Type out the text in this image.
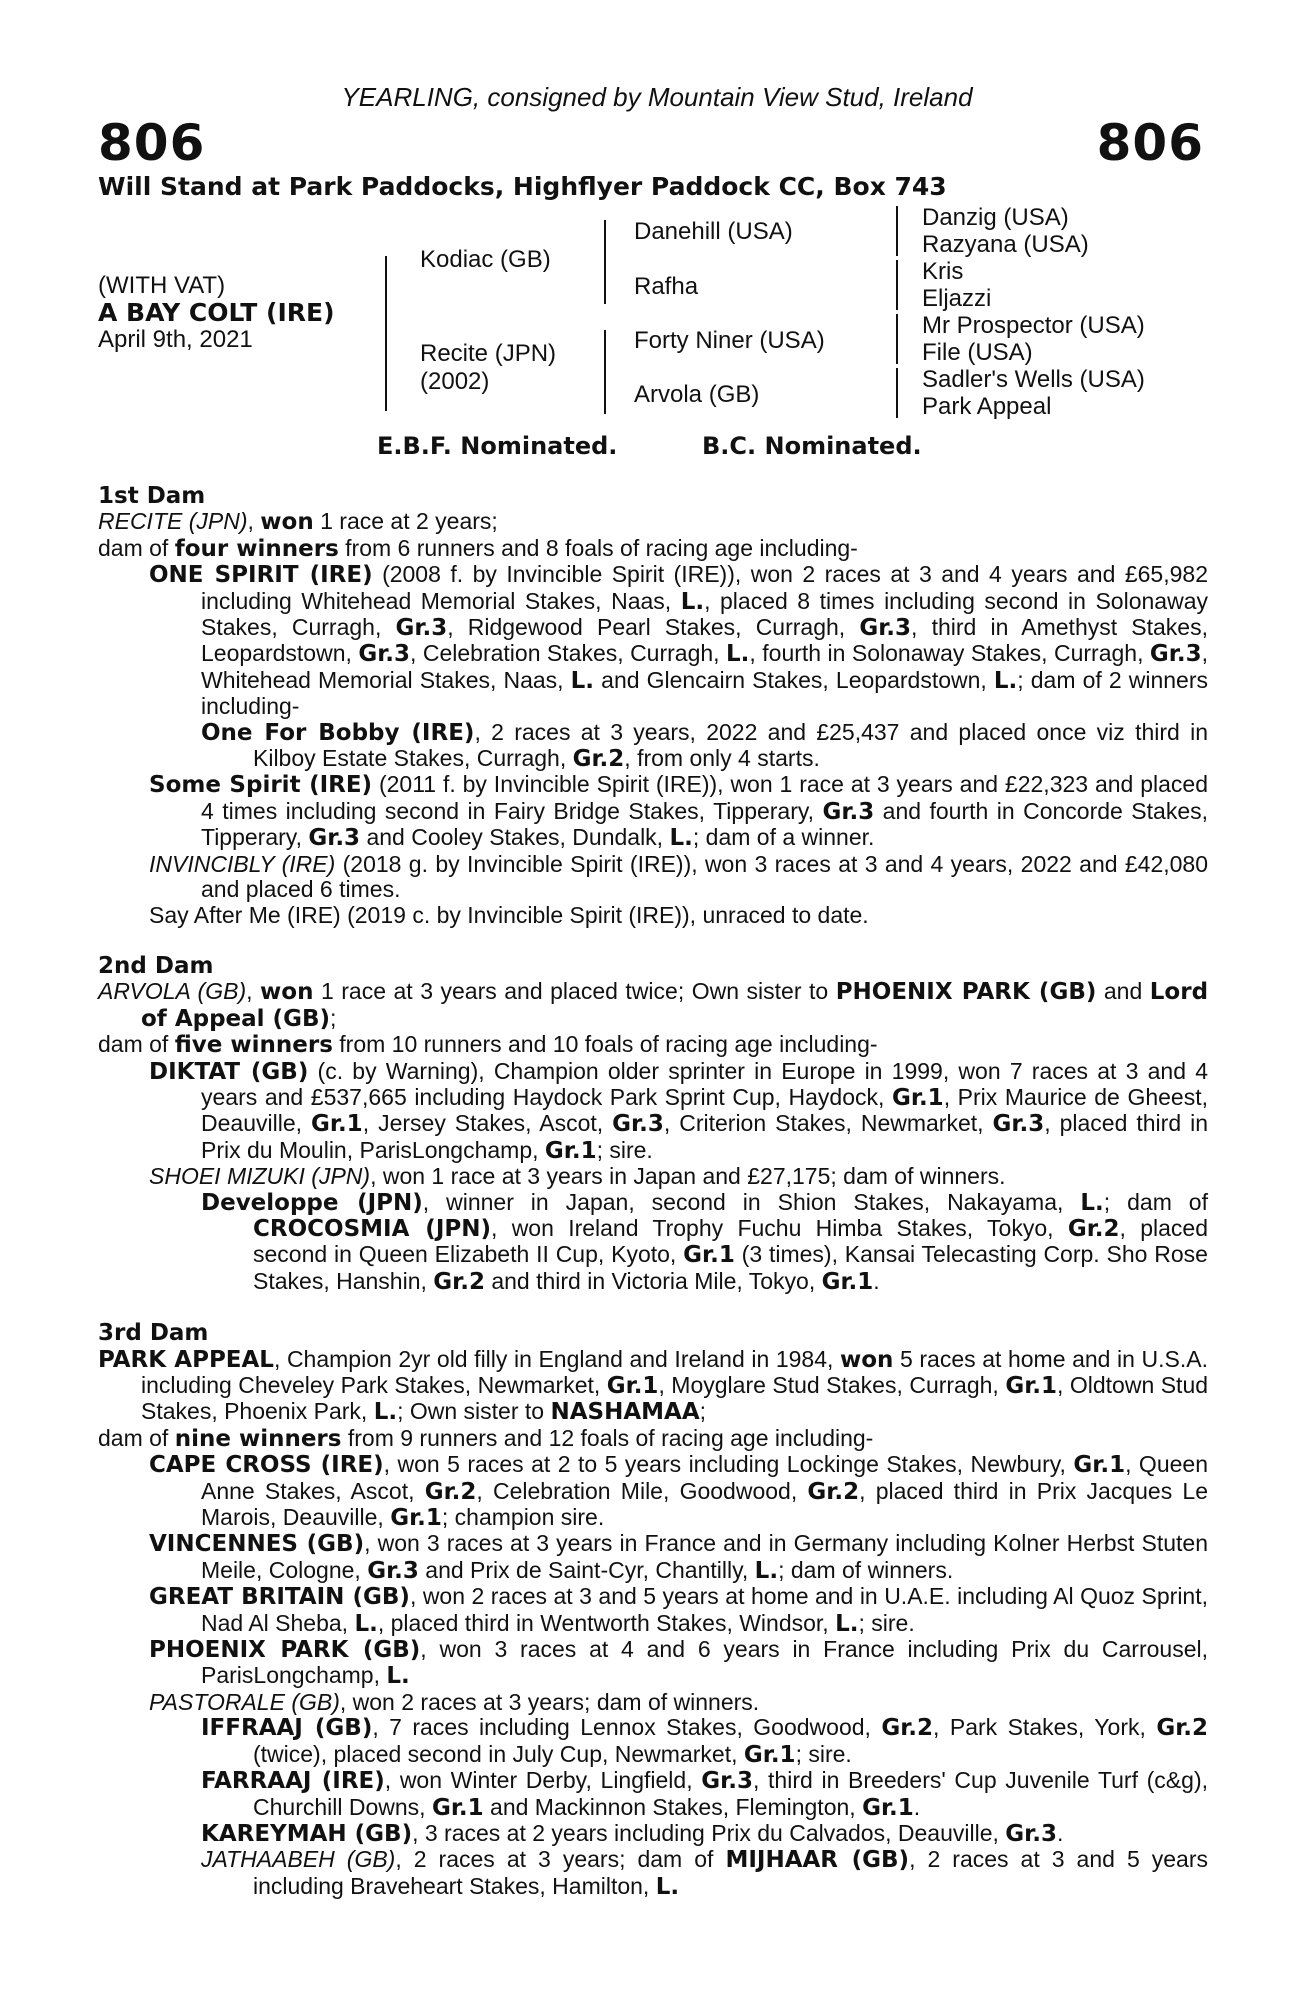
YEARLING, consigned by Mountain View Stud, Ireland
806	806
Will Stand at Park Paddocks, Highflyer Paddock CC, Box 743
(WITH VAT)
A BAY COLT (IRE)
April 9th, 2021
Kodiac (GB)
Recite (JPN)
(2002)
Danehill (USA)
Rafha
Forty Niner (USA)
Arvola (GB)
Danzig (USA)
Razyana (USA)
Kris
Eljazzi
Mr Prospector (USA)
File (USA)
Sadler's Wells (USA)
Park Appeal
E.B.F. Nominated.	B.C. Nominated.
1st Dam
RECITE (JPN), won 1 race at 2 years;
dam of four winners from 6 runners and 8 foals of racing age including-
ONE SPIRIT (IRE) (2008 f. by Invincible Spirit (IRE)), won 2 races at 3 and 4 years and £65,982 including Whitehead Memorial Stakes, Naas, L., placed 8 times including second in Solonaway Stakes, Curragh, Gr.3, Ridgewood Pearl Stakes, Curragh, Gr.3, third in Amethyst Stakes, Leopardstown, Gr.3, Celebration Stakes, Curragh, L., fourth in Solonaway Stakes, Curragh, Gr.3, Whitehead Memorial Stakes, Naas, L. and Glencairn Stakes, Leopardstown, L.; dam of 2 winners including-
One For Bobby (IRE), 2 races at 3 years, 2022 and £25,437 and placed once viz third in Kilboy Estate Stakes, Curragh, Gr.2, from only 4 starts.
Some Spirit (IRE) (2011 f. by Invincible Spirit (IRE)), won 1 race at 3 years and £22,323 and placed 4 times including second in Fairy Bridge Stakes, Tipperary, Gr.3 and fourth in Concorde Stakes, Tipperary, Gr.3 and Cooley Stakes, Dundalk, L.; dam of a winner.
INVINCIBLY (IRE) (2018 g. by Invincible Spirit (IRE)), won 3 races at 3 and 4 years, 2022 and £42,080 and placed 6 times.
Say After Me (IRE) (2019 c. by Invincible Spirit (IRE)), unraced to date.
2nd Dam
ARVOLA (GB), won 1 race at 3 years and placed twice; Own sister to PHOENIX PARK (GB) and Lord of Appeal (GB);
dam of five winners from 10 runners and 10 foals of racing age including-
DIKTAT (GB) (c. by Warning), Champion older sprinter in Europe in 1999, won 7 races at 3 and 4 years and £537,665 including Haydock Park Sprint Cup, Haydock, Gr.1, Prix Maurice de Gheest, Deauville, Gr.1, Jersey Stakes, Ascot, Gr.3, Criterion Stakes, Newmarket, Gr.3, placed third in Prix du Moulin, ParisLongchamp, Gr.1; sire.
SHOEI MIZUKI (JPN), won 1 race at 3 years in Japan and £27,175; dam of winners.
Developpe (JPN), winner in Japan, second in Shion Stakes, Nakayama, L.; dam of CROCOSMIA (JPN), won Ireland Trophy Fuchu Himba Stakes, Tokyo, Gr.2, placed second in Queen Elizabeth II Cup, Kyoto, Gr.1 (3 times), Kansai Telecasting Corp. Sho Rose Stakes, Hanshin, Gr.2 and third in Victoria Mile, Tokyo, Gr.1.
3rd Dam
PARK APPEAL, Champion 2yr old filly in England and Ireland in 1984, won 5 races at home and in U.S.A. including Cheveley Park Stakes, Newmarket, Gr.1, Moyglare Stud Stakes, Curragh, Gr.1, Oldtown Stud Stakes, Phoenix Park, L.; Own sister to NASHAMAA;
dam of nine winners from 9 runners and 12 foals of racing age including-
CAPE CROSS (IRE), won 5 races at 2 to 5 years including Lockinge Stakes, Newbury, Gr.1, Queen Anne Stakes, Ascot, Gr.2, Celebration Mile, Goodwood, Gr.2, placed third in Prix Jacques Le Marois, Deauville, Gr.1; champion sire.
VINCENNES (GB), won 3 races at 3 years in France and in Germany including Kolner Herbst Stuten Meile, Cologne, Gr.3 and Prix de Saint-Cyr, Chantilly, L.; dam of winners.
GREAT BRITAIN (GB), won 2 races at 3 and 5 years at home and in U.A.E. including Al Quoz Sprint, Nad Al Sheba, L., placed third in Wentworth Stakes, Windsor, L.; sire.
PHOENIX PARK (GB), won 3 races at 4 and 6 years in France including Prix du Carrousel, ParisLongchamp, L.
PASTORALE (GB), won 2 races at 3 years; dam of winners.
IFFRAAJ (GB), 7 races including Lennox Stakes, Goodwood, Gr.2, Park Stakes, York, Gr.2 (twice), placed second in July Cup, Newmarket, Gr.1; sire.
FARRAAJ (IRE), won Winter Derby, Lingfield, Gr.3, third in Breeders' Cup Juvenile Turf (c&g), Churchill Downs, Gr.1 and Mackinnon Stakes, Flemington, Gr.1.
KAREYMAH (GB), 3 races at 2 years including Prix du Calvados, Deauville, Gr.3.
JATHAABEH (GB), 2 races at 3 years; dam of MIJHAAR (GB), 2 races at 3 and 5 years including Braveheart Stakes, Hamilton, L.
